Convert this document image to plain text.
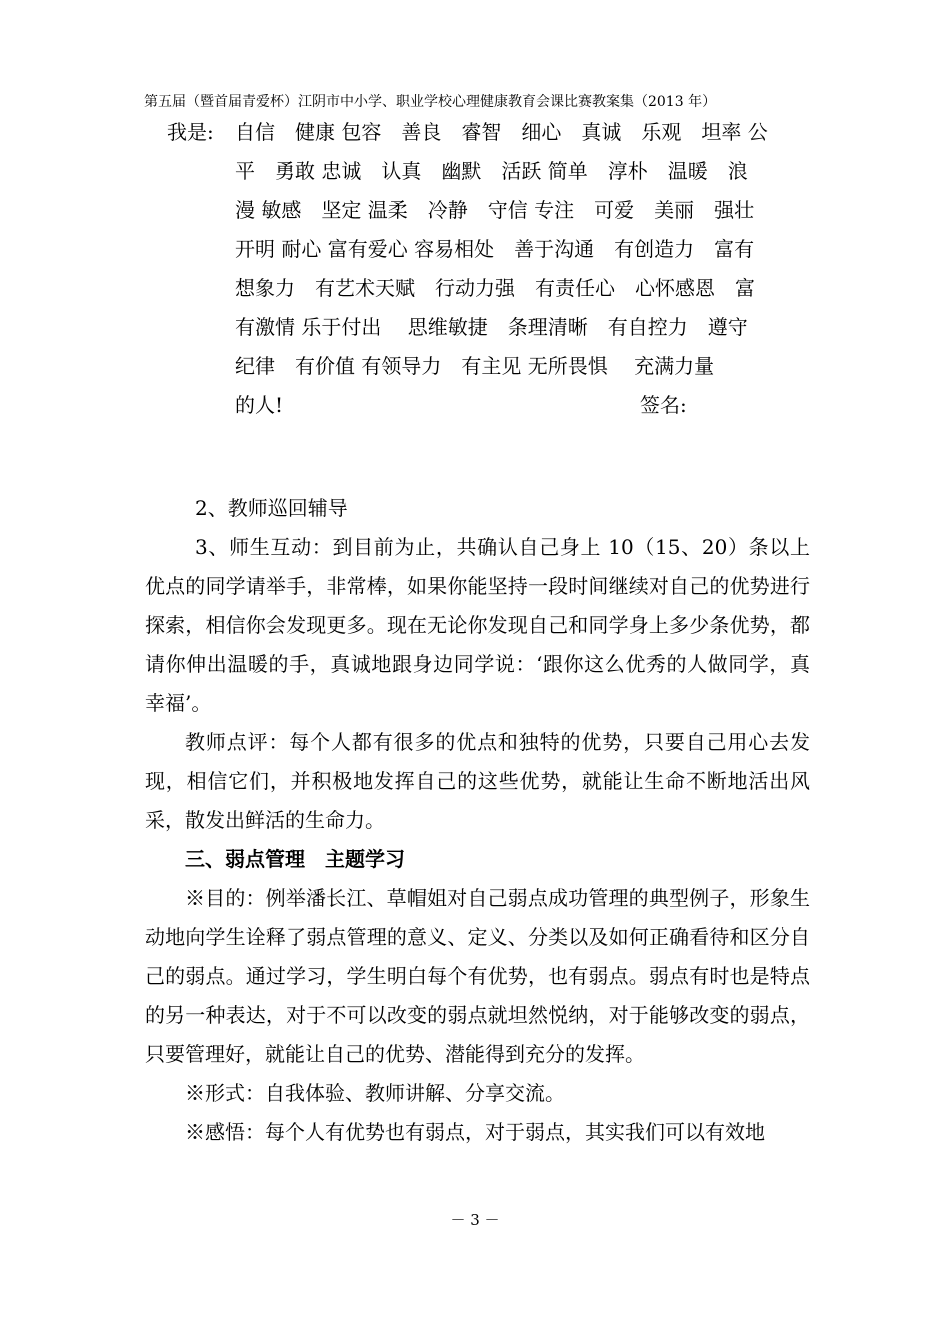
第五届（暨首届青爱杯）江阴市中小学、职业学校心理健康教育会课比赛教案集（2013 年）
我是: 自信　健康 包容　善良　睿智　细心　真诚　乐观　坦率 公
平　勇敢 忠诚　认真　幽默　活跃 简单　淳朴　温暖　浪
漫 敏感　坚定 温柔　冷静　守信 专注　可爱　美丽　强壮
开明 耐心 富有爱心 容易相处　善于沟通　有创造力　富有
想象力　有艺术天赋　行动力强　有责任心　心怀感恩　富
有激情 乐于付出　 思维敏捷　条理清晰　有自控力　遵守
纪律　有价值 有领导力　有主见 无所畏惧　 充满力量
的人!	签名:

2、教师巡回辅导

3、师生互动：到目前为止，共确认自己身上 10（15、20）条以上优点的同学请举手，非常棒，如果你能坚持一段时间继续对自己的优势进行探索，相信你会发现更多。现在无论你发现自己和同学身上多少条优势，都请你伸出温暖的手，真诚地跟身边同学说：‘跟你这么优秀的人做同学，真幸福’。

教师点评：每个人都有很多的优点和独特的优势，只要自己用心去发现，相信它们，并积极地发挥自己的这些优势，就能让生命不断地活出风采，散发出鲜活的生命力。

三、弱点管理　主题学习

※目的：例举潘长江、草帽姐对自己弱点成功管理的典型例子，形象生动地向学生诠释了弱点管理的意义、定义、分类以及如何正确看待和区分自己的弱点。通过学习，学生明白每个有优势，也有弱点。弱点有时也是特点的另一种表达，对于不可以改变的弱点就坦然悦纳，对于能够改变的弱点，只要管理好，就能让自己的优势、潜能得到充分的发挥。

※形式：自我体验、教师讲解、分享交流。

※感悟：每个人有优势也有弱点，对于弱点，其实我们可以有效地

－ 3 －
